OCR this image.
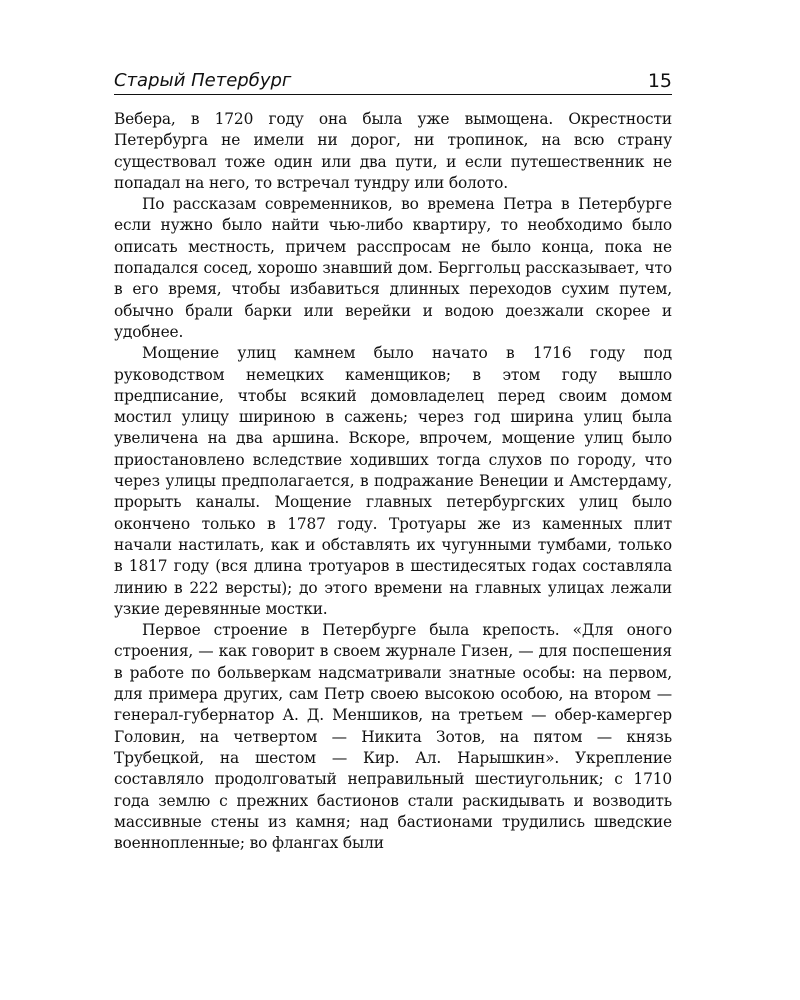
Старый Петербург	15

Вебера, в 1720 году она была уже вымощена. Окрестности Петербурга не имели ни дорог, ни тропинок, на всю страну существовал тоже один или два пути, и если путешественник не попадал на него, то встречал тундру или болото.

По рассказам современников, во времена Петра в Петербурге если нужно было найти чью-либо квартиру, то необходимо было описать местность, причем расспросам не было конца, пока не попадался сосед, хорошо знавший дом. Берггольц рассказывает, что в его время, чтобы избавиться длинных переходов сухим путем, обычно брали барки или верейки и водою доезжали скорее и удобнее.

Мощение улиц камнем было начато в 1716 году под руководством немецких каменщиков; в этом году вышло предписание, чтобы всякий домовладелец перед своим домом мостил улицу шириною в сажень; через год ширина улиц была увеличена на два аршина. Вскоре, впрочем, мощение улиц было приостановлено вследствие ходивших тогда слухов по городу, что через улицы предполагается, в подражание Венеции и Амстердаму, прорыть каналы. Мощение главных петербургских улиц было окончено только в 1787 году. Тротуары же из каменных плит начали настилать, как и обставлять их чугунными тумбами, только в 1817 году (вся длина тротуаров в шестидесятых годах составляла линию в 222 версты); до этого времени на главных улицах лежали узкие деревянные мостки.

Первое строение в Петербурге была крепость. «Для оного строения, — как говорит в своем журнале Гизен, — для поспешения в работе по больверкам надсматривали знатные особы: на первом, для примера других, сам Петр своею высокою особою, на втором — генерал-губернатор А. Д. Меншиков, на третьем — обер-камергер Головин, на четвертом — Никита Зотов, на пятом — князь Трубецкой, на шестом — Кир. Ал. Нарышкин». Укрепление составляло продолговатый неправильный шестиугольник; с 1710 года землю с прежних бастионов стали раскидывать и возводить массивные стены из камня; над бастионами трудились шведские военнопленные; во флангах были
